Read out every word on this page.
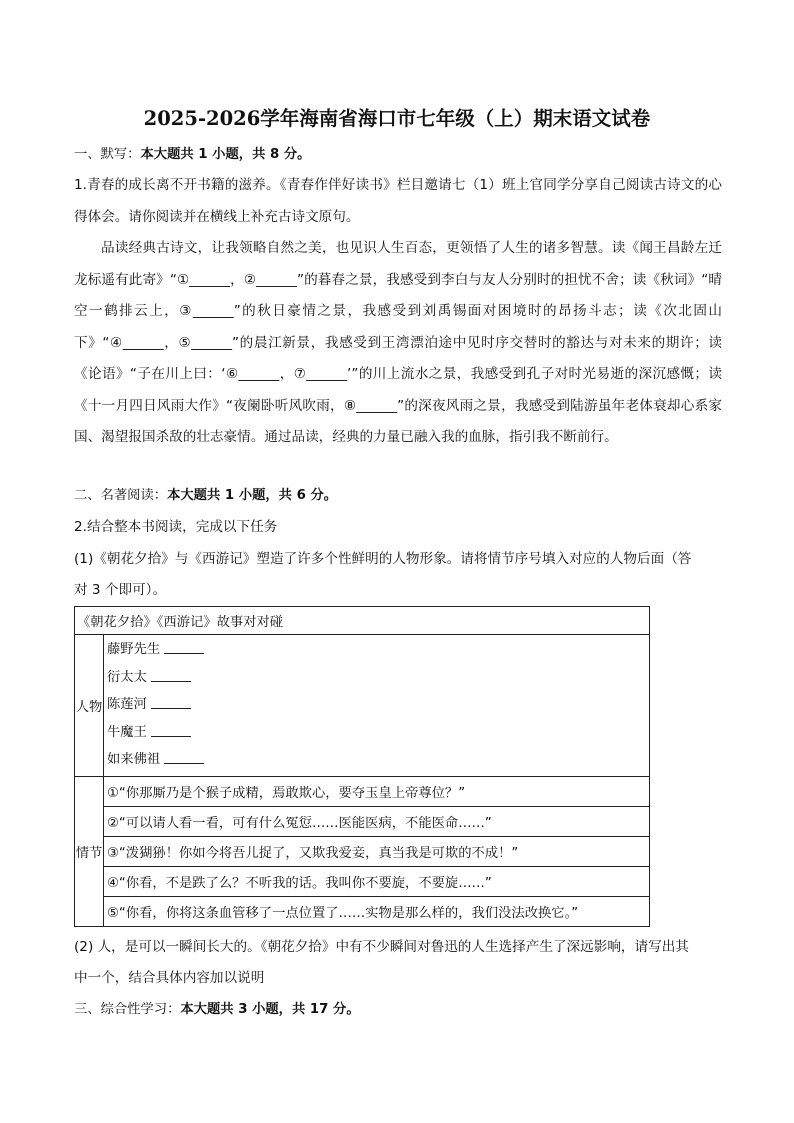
2025-2026学年海南省海口市七年级（上）期末语文试卷
一、默写：本大题共 1 小题，共 8 分。
1.青春的成长离不开书籍的滋养。《青春作伴好读书》栏目邀请七（1）班上官同学分享自己阅读古诗文的心得体会。请你阅读并在横线上补充古诗文原句。
品读经典古诗文，让我领略自然之美，也见识人生百态，更领悟了人生的诸多智慧。读《闻王昌龄左迁龙标遥有此寄》“①______，②______”的暮春之景，我感受到李白与友人分别时的担忧不舍；读《秋词》“晴空一鹤排云上，③______”的秋日豪情之景，我感受到刘禹锡面对困境时的昂扬斗志；读《次北固山下》“④______，⑤______”的晨江新景，我感受到王湾漂泊途中见时序交替时的豁达与对未来的期许；读《论语》“子在川上曰：‘⑥______，⑦______’”的川上流水之景，我感受到孔子对时光易逝的深沉感慨；读《十一月四日风雨大作》“夜阑卧听风吹雨，⑧______”的深夜风雨之景，我感受到陆游虽年老体衰却心系家国、渴望报国杀敌的壮志豪情。通过品读，经典的力量已融入我的血脉，指引我不断前行。
二、名著阅读：本大题共 1 小题，共 6 分。
2.结合整本书阅读，完成以下任务
(1)《朝花夕拾》与《西游记》塑造了许多个性鲜明的人物形象。请将情节序号填入对应的人物后面（答
对 3 个即可）。
《朝花夕拾》《西游记》故事对对碰	
人物	藤野先生
衍太太
陈莲河
牛魔王
如来佛祖

情节	①“你那厮乃是个猴子成精，焉敢欺心，要夺玉皇上帝尊位？”
	②“可以请人看一看，可有什么冤愆……医能医病，不能医命……”
	③“泼猢狲！你如今将吾儿捉了，又欺我爱妾，真当我是可欺的不成！”
	④“你看，不是跌了么？不听我的话。我叫你不要旋，不要旋……”
	⑤“你看，你将这条血管移了一点位置了……实物是那么样的，我们没法改换它。”
(2) 人，是可以一瞬间长大的。《朝花夕拾》中有不少瞬间对鲁迅的人生选择产生了深远影响，请写出其
中一个，结合具体内容加以说明
三、综合性学习：本大题共 3 小题，共 17 分。
